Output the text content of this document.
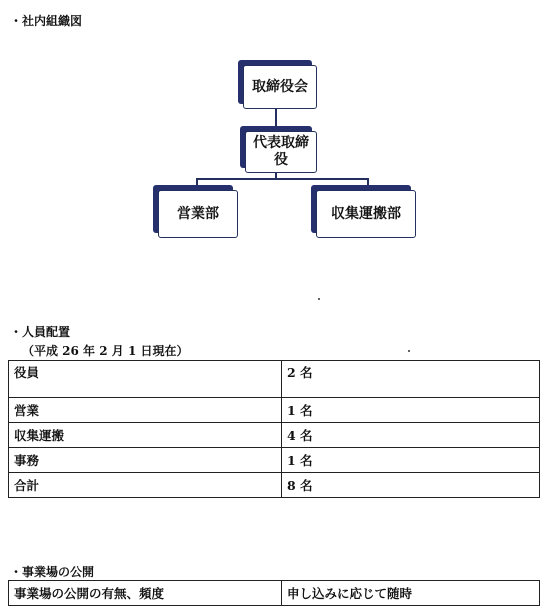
・社内組織図
取締役会
代表取締
役
営業部	収集運搬部
・人員配置
（平成 26 年 2 月 1 日現在）
役員	2 名
営業	1 名
収集運搬	4 名
事務	1 名
合計	8 名
・事業場の公開
事業場の公開の有無、頻度	申し込みに応じて随時
